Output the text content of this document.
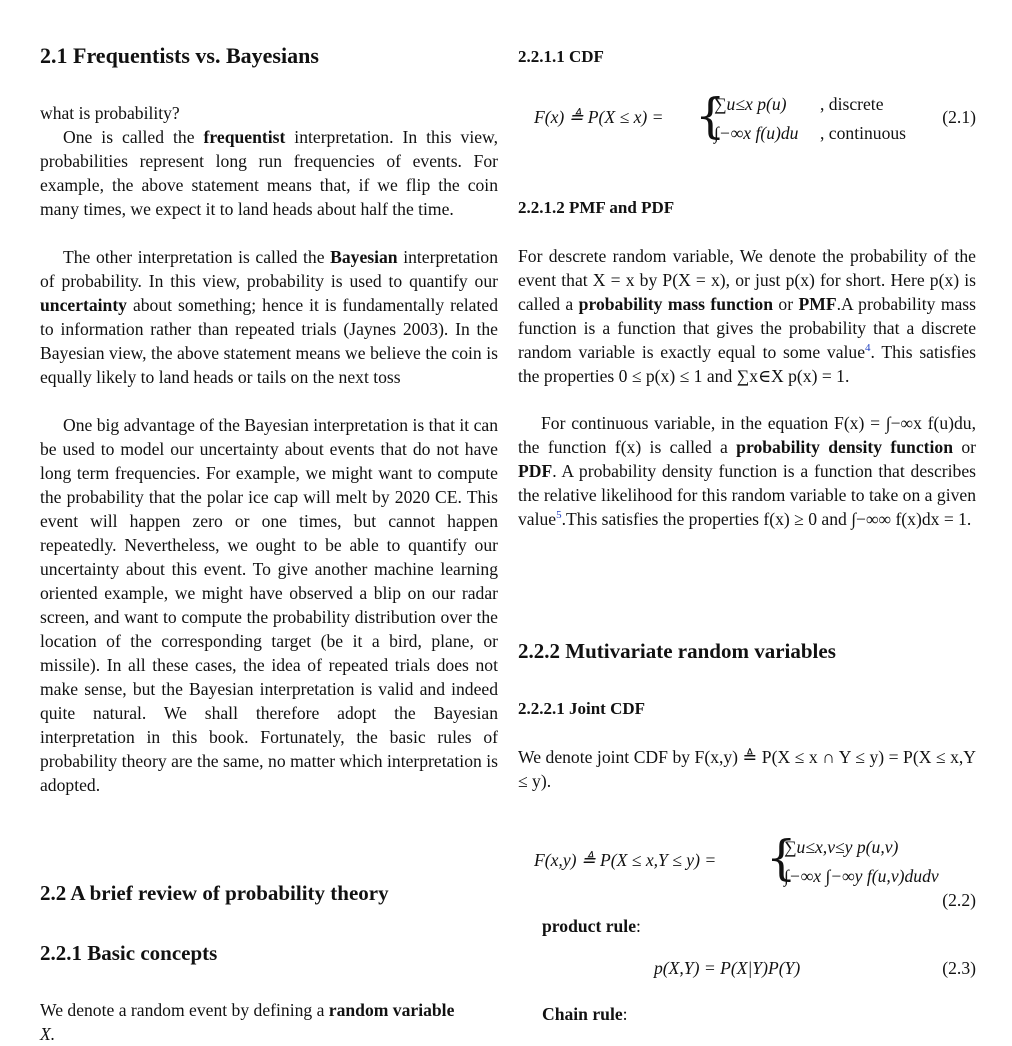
2.1 Frequentists vs. Bayesians

what is probability?

One is called the frequentist interpretation. In this view, probabilities represent long run frequencies of events. For example, the above statement means that, if we flip the coin many times, we expect it to land heads about half the time.

The other interpretation is called the Bayesian interpretation of probability. In this view, probability is used to quantify our uncertainty about something; hence it is fundamentally related to information rather than repeated trials (Jaynes 2003). In the Bayesian view, the above statement means we believe the coin is equally likely to land heads or tails on the next toss

One big advantage of the Bayesian interpretation is that it can be used to model our uncertainty about events that do not have long term frequencies. For example, we might want to compute the probability that the polar ice cap will melt by 2020 CE. This event will happen zero or one times, but cannot happen repeatedly. Nevertheless, we ought to be able to quantify our uncertainty about this event. To give another machine learning oriented example, we might have observed a blip on our radar screen, and want to compute the probability distribution over the location of the corresponding target (be it a bird, plane, or missile). In all these cases, the idea of repeated trials does not make sense, but the Bayesian interpretation is valid and indeed quite natural. We shall therefore adopt the Bayesian interpretation in this book. Fortunately, the basic rules of probability theory are the same, no matter which interpretation is adopted.

2.2 A brief review of probability theory
2.2.1 Basic concepts

We denote a random event by defining a random variable
X.

2.2.1.1 CDF
F(x) ≜ P(X ≤ x) = {
∑u≤x p(u) , discrete
∫−∞x f(u)du , continuous
(2.1)
2.2.1.2 PMF and PDF

For descrete random variable, We denote the probability of the event that X = x by P(X = x), or just p(x) for short. Here p(x) is called a probability mass function or PMF.A probability mass function is a function that gives the probability that a discrete random variable is exactly equal to some value$^4$. This satisfies the properties 0 ≤ p(x) ≤ 1 and ∑x∈X p(x) = 1.

For continuous variable, in the equation F(x) = ∫−∞x f(u)du, the function f(x) is called a probability density function or PDF. A probability density function is a function that describes the relative likelihood for this random variable to take on a given value$^5$.This satisfies the properties f(x) ≥ 0 and ∫−∞∞ f(x)dx = 1.

2.2.2 Mutivariate random variables
2.2.2.1 Joint CDF

We denote joint CDF by F(x,y) ≜ P(X ≤ x ∩ Y ≤ y) = P(X ≤ x,Y ≤ y).

F(x,y) ≜ P(X ≤ x,Y ≤ y) = {
∑u≤x,v≤y p(u,v)
∫−∞x ∫−∞y f(u,v)dudv
(2.2)

product rule:

p(X,Y) = P(X|Y)P(Y)	(2.3)

Chain rule:
